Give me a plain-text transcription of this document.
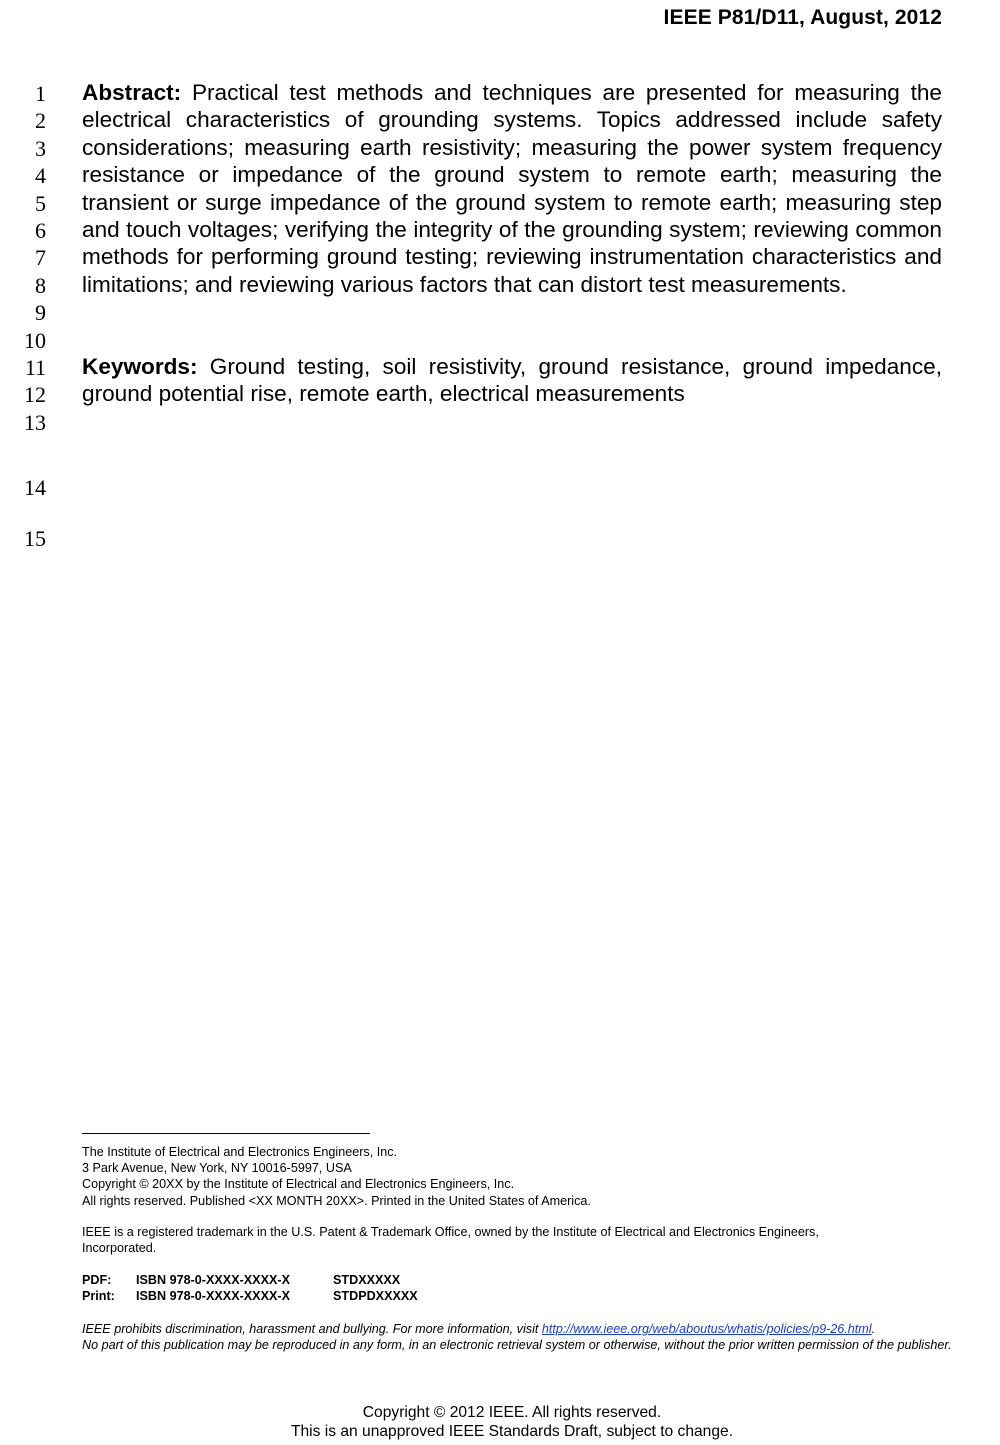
IEEE P81/D11, August, 2012
1
2
3
4
5
6
7
8
9
10
11
12
13
14
15

Abstract: Practical test methods and techniques are presented for measuring the electrical characteristics of grounding systems. Topics addressed include safety considerations; measuring earth resistivity; measuring the power system frequency resistance or impedance of the ground system to remote earth; measuring the transient or surge impedance of the ground system to remote earth; measuring step and touch voltages; verifying the integrity of the grounding system; reviewing common methods for performing ground testing; reviewing instrumentation characteristics and limitations; and reviewing various factors that can distort test measurements.

Keywords: Ground testing, soil resistivity, ground resistance, ground impedance, ground potential rise, remote earth, electrical measurements

The Institute of Electrical and Electronics Engineers, Inc.
3 Park Avenue, New York, NY 10016-5997, USA
Copyright © 20XX by the Institute of Electrical and Electronics Engineers, Inc.
All rights reserved. Published <XX MONTH 20XX>. Printed in the United States of America.

IEEE is a registered trademark in the U.S. Patent & Trademark Office, owned by the Institute of Electrical and Electronics Engineers, Incorporated.

PDF: ISBN 978-0-XXXX-XXXX-X	STDXXXXX
Print: ISBN 978-0-XXXX-XXXX-X	STDPDXXXXX

IEEE prohibits discrimination, harassment and bullying. For more information, visit http://www.ieee.org/web/aboutus/whatis/policies/p9-26.html.
No part of this publication may be reproduced in any form, in an electronic retrieval system or otherwise, without the prior written permission of the publisher.

Copyright © 2012 IEEE. All rights reserved.
This is an unapproved IEEE Standards Draft, subject to change.
